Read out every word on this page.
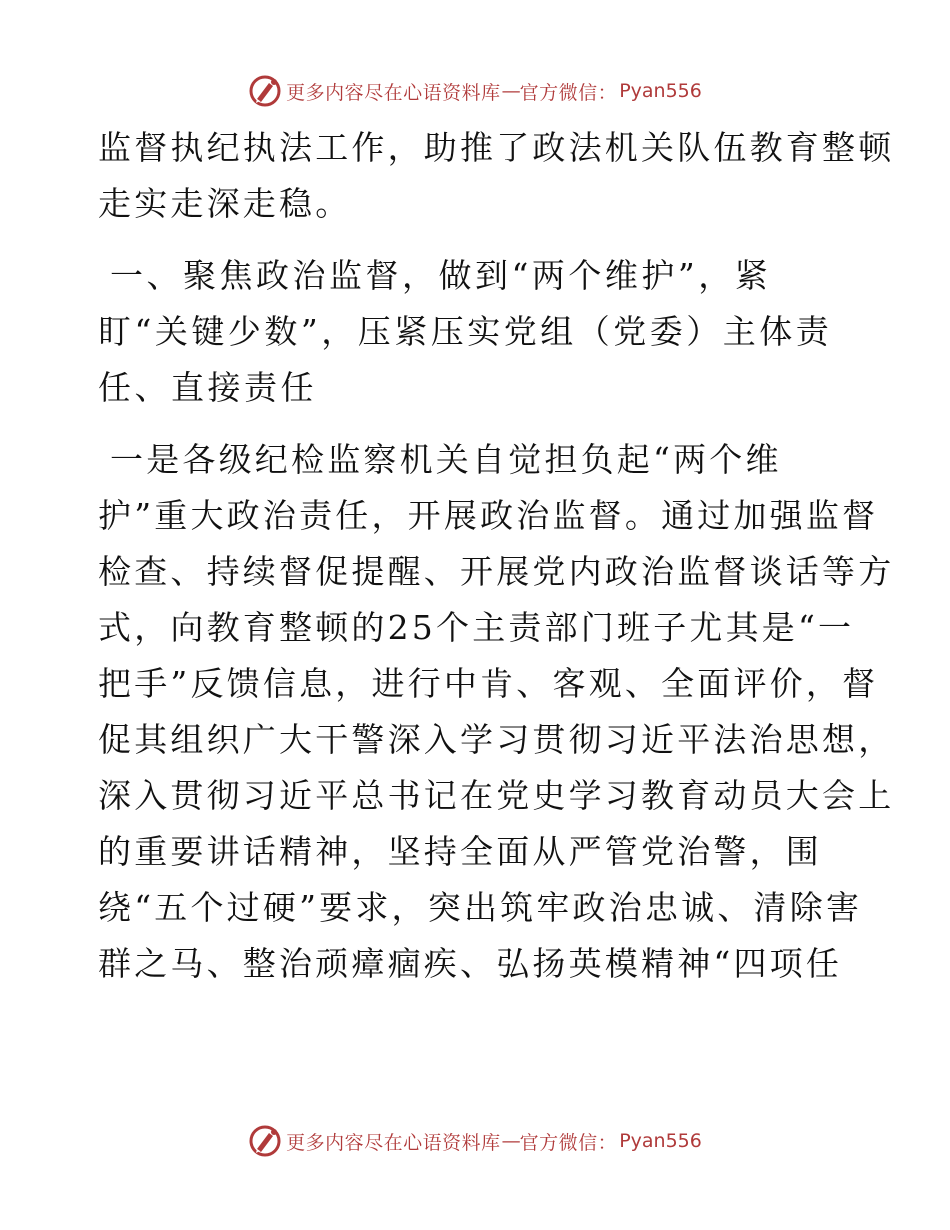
更多内容尽在心语资料库 — 官方微信： Pyan556
监督执纪执法工作，助推了政法机关队伍教育整顿
走实走深走稳。
一、聚焦政治监督，做到“两个维护”，紧
盯“关键少数”，压紧压实党组（党委）主体责
任、直接责任
一是各级纪检监察机关自觉担负起“两个维
护”重大政治责任，开展政治监督。通过加强监督
检查、持续督促提醒、开展党内政治监督谈话等方
式，向教育整顿的25个主责部门班子尤其是“一
把手”反馈信息，进行中肯、客观、全面评价，督
促其组织广大干警深入学习贯彻习近平法治思想，
深入贯彻习近平总书记在党史学习教育动员大会上
的重要讲话精神，坚持全面从严管党治警，围
绕“五个过硬”要求，突出筑牢政治忠诚、清除害
群之马、整治顽瘴痼疾、弘扬英模精神“四项任
更多内容尽在心语资料库 — 官方微信： Pyan556
